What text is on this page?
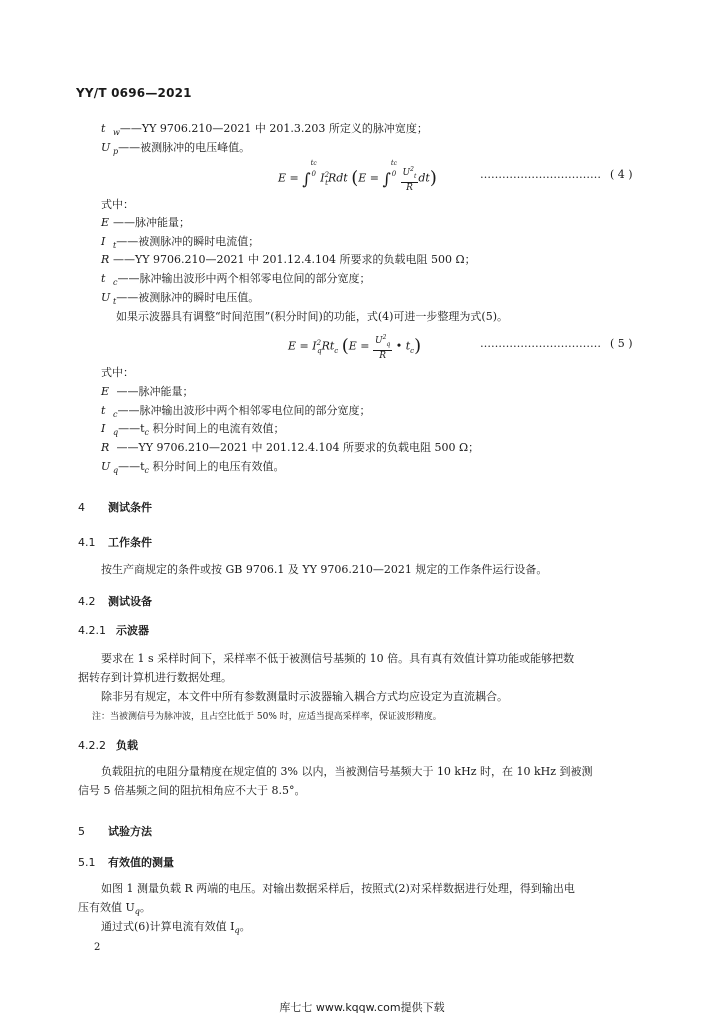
YY/T 0696—2021
t $_w$——YY 9706.210—2021 中 201.3.203 所定义的脉冲宽度；
U $_p$——被测脉冲的电压峰值。
E = ∫tc
0 $I^2_tRdt$ (E = ∫tc
$0 \frac{U^2_t}{R} dt$)	…………………………… ( 4 )
式中：
E ——脉冲能量；
I $_t$——被测脉冲的瞬时电流值；
R ——YY 9706.210—2021 中 201.12.4.104 所要求的负载电阻 500 Ω；
t $_c$——脉冲输出波形中两个相邻零电位间的部分宽度；
U $_t$——被测脉冲的瞬时电压值。
如果示波器具有调整“时间范围”(积分时间)的功能，式(4)可进一步整理为式(5)。
$E = I^2_qRt_c$ ($E = \frac{U^2_q}{R}$ • $t_c$)	…………………………… ( 5 )
式中：
E ——脉冲能量；
t $_c$——脉冲输出波形中两个相邻零电位间的部分宽度；
I $_q——t_c$ 积分时间上的电流有效值；
R ——YY 9706.210—2021 中 201.12.4.104 所要求的负载电阻 500 Ω；
U $_q——t_c$ 积分时间上的电压有效值。
4 测试条件
4.1 工作条件
按生产商规定的条件或按 GB 9706.1 及 YY 9706.210—2021 规定的工作条件运行设备。
4.2 测试设备
4.2.1 示波器
要求在 1 s 采样时间下，采样率不低于被测信号基频的 10 倍。具有真有效值计算功能或能够把数
据转存到计算机进行数据处理。
除非另有规定，本文件中所有参数测量时示波器输入耦合方式均应设定为直流耦合。
注：当被测信号为脉冲波，且占空比低于 50% 时，应适当提高采样率，保证波形精度。
4.2.2 负载
负载阻抗的电阻分量精度在规定值的 3% 以内，当被测信号基频大于 10 kHz 时，在 10 kHz 到被测
信号 5 倍基频之间的阻抗相角应不大于 8.5°。
5 试验方法
5.1 有效值的测量
如图 1 测量负载 R 两端的电压。对输出数据采样后，按照式(2)对采样数据进行处理，得到输出电
压有效值 $U_q$。
通过式(6)计算电流有效值 $I_q$。
2
库七七 www.kqqw.com提供下载
